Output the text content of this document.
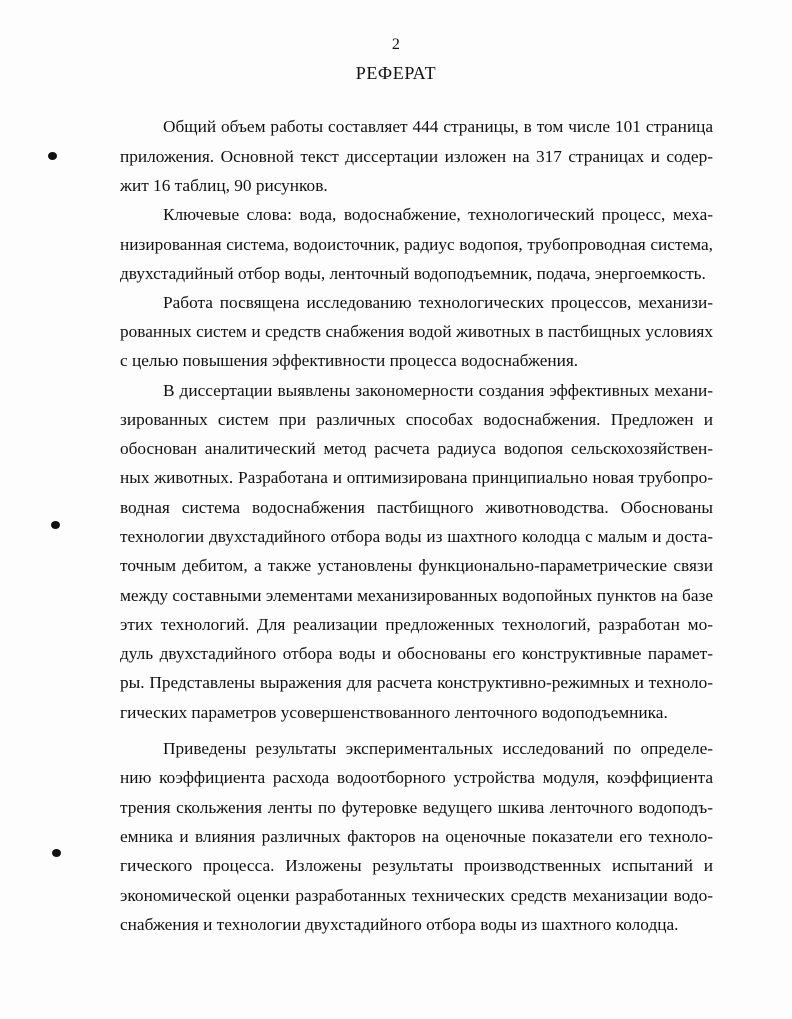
2
РЕФЕРАТ
Общий объем работы составляет 444 страницы, в том числе 101 страница
приложения. Основной текст диссертации изложен на 317 страницах и содер-
жит 16 таблиц, 90 рисунков.
Ключевые слова: вода, водоснабжение, технологический процесс, меха-
низированная система, водоисточник, радиус водопоя, трубопроводная система,
двухстадийный отбор воды, ленточный водоподъемник, подача, энергоемкость.
Работа посвящена исследованию технологических процессов, механизи-
рованных систем и средств снабжения водой животных в пастбищных условиях
с целью повышения эффективности процесса водоснабжения.
В диссертации выявлены закономерности создания эффективных механи-
зированных систем при различных способах водоснабжения. Предложен и
обоснован аналитический метод расчета радиуса водопоя сельскохозяйствен-
ных животных. Разработана и оптимизирована принципиально новая трубопро-
водная система водоснабжения пастбищного животноводства. Обоснованы
технологии двухстадийного отбора воды из шахтного колодца с малым и доста-
точным дебитом, а также установлены функционально-параметрические связи
между составными элементами механизированных водопойных пунктов на базе
этих технологий. Для реализации предложенных технологий, разработан мо-
дуль двухстадийного отбора воды и обоснованы его конструктивные парамет-
ры. Представлены выражения для расчета конструктивно-режимных и техноло-
гических параметров усовершенствованного ленточного водоподъемника.
Приведены результаты экспериментальных исследований по определе-
нию коэффициента расхода водоотборного устройства модуля, коэффициента
трения скольжения ленты по футеровке ведущего шкива ленточного водоподъ-
емника и влияния различных факторов на оценочные показатели его техноло-
гического процесса. Изложены результаты производственных испытаний и
экономической оценки разработанных технических средств механизации водо-
снабжения и технологии двухстадийного отбора воды из шахтного колодца.
